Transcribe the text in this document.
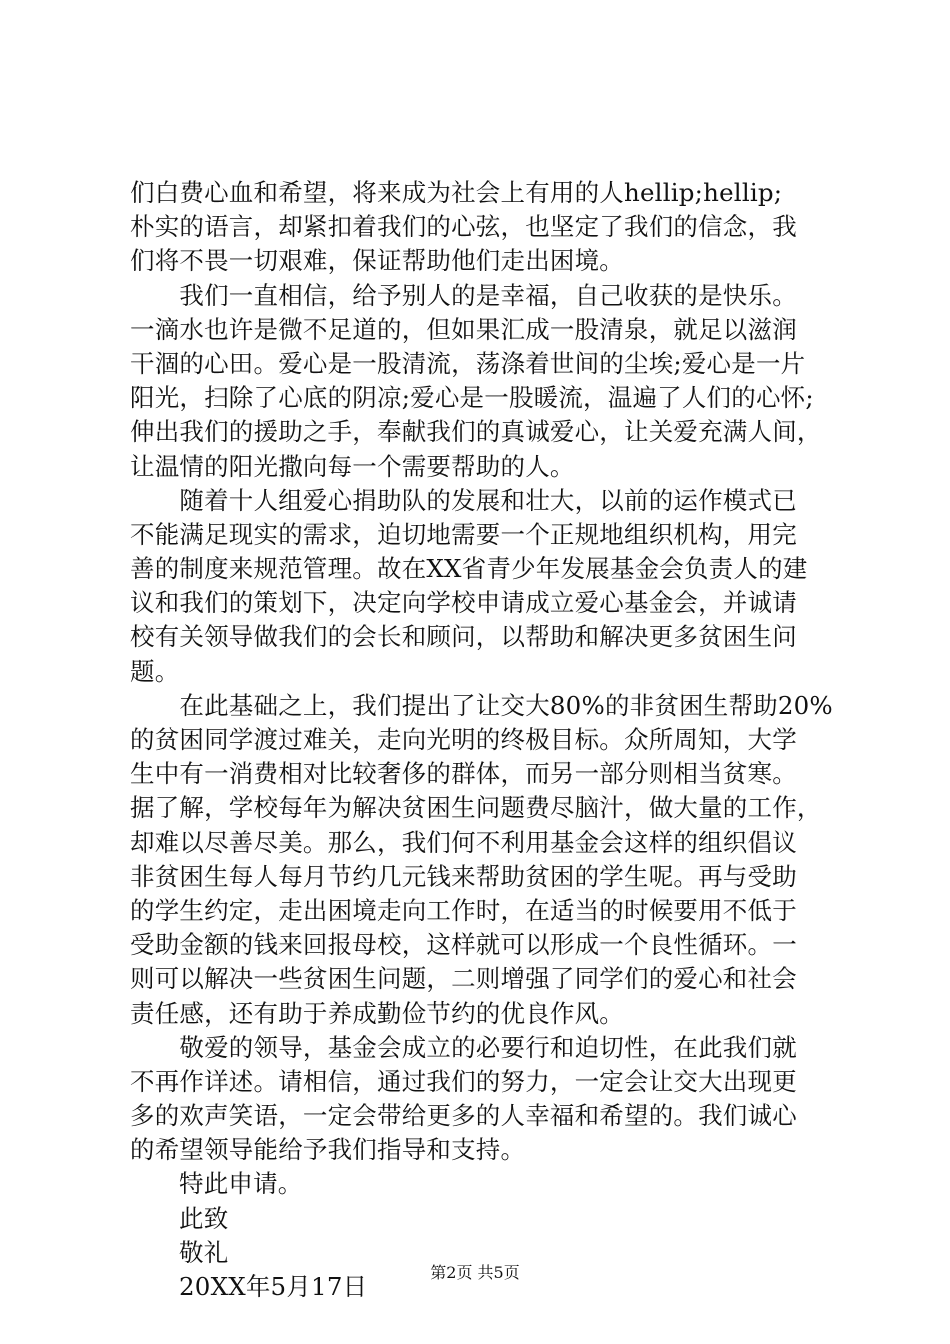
们白费心血和希望，将来成为社会上有用的人hellip;hellip;
朴实的语言，却紧扣着我们的心弦，也坚定了我们的信念，我
们将不畏一切艰难，保证帮助他们走出困境。
　　我们一直相信，给予别人的是幸福，自己收获的是快乐。
一滴水也许是微不足道的，但如果汇成一股清泉，就足以滋润
干涸的心田。爱心是一股清流，荡涤着世间的尘埃;爱心是一片
阳光，扫除了心底的阴凉;爱心是一股暖流，温遍了人们的心怀;
伸出我们的援助之手，奉献我们的真诚爱心，让关爱充满人间，
让温情的阳光撒向每一个需要帮助的人。
　　随着十人组爱心捐助队的发展和壮大，以前的运作模式已
不能满足现实的需求，迫切地需要一个正规地组织机构，用完
善的制度来规范管理。故在XX省青少年发展基金会负责人的建
议和我们的策划下，决定向学校申请成立爱心基金会，并诚请
校有关领导做我们的会长和顾问，以帮助和解决更多贫困生问
题。
　　在此基础之上，我们提出了让交大80%的非贫困生帮助20%
的贫困同学渡过难关，走向光明的终极目标。众所周知，大学
生中有一消费相对比较奢侈的群体，而另一部分则相当贫寒。
据了解，学校每年为解决贫困生问题费尽脑汁，做大量的工作，
却难以尽善尽美。那么，我们何不利用基金会这样的组织倡议
非贫困生每人每月节约几元钱来帮助贫困的学生呢。再与受助
的学生约定，走出困境走向工作时，在适当的时候要用不低于
受助金额的钱来回报母校，这样就可以形成一个良性循环。一
则可以解决一些贫困生问题，二则增强了同学们的爱心和社会
责任感，还有助于养成勤俭节约的优良作风。
　　敬爱的领导，基金会成立的必要行和迫切性，在此我们就
不再作详述。请相信，通过我们的努力，一定会让交大出现更
多的欢声笑语，一定会带给更多的人幸福和希望的。我们诚心
的希望领导能给予我们指导和支持。
特此申请。
此致
敬礼
20XX年5月17日	第2页 共5页
